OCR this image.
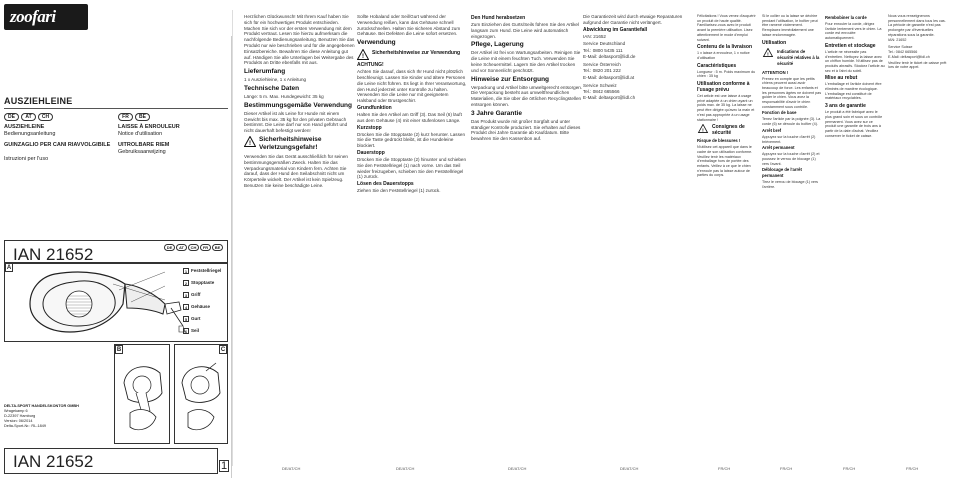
zoofari
AUSZIEHLEINE
DE	AT	CH
AUSZIEHLEINE
Bedienungsanleitung
GUINZAGLIO PER CANI RIAVVOLGIBILE
Istruzioni per l'uso
FR	BE
LAISSE À ENROULEUR
Notice d'utilisation
UITROLBARE RIEM
Gebruiksaanwijzing
IAN 21652	DE	AT	CH	FR	BE
A
1 Feststellriegel
2 Stopptaste
3 Griff
4 Gehäuse
5 Gurt
6 Seil
B	C
DELTA-SPORT HANDELSKONTOR GMBH
Wragekamp 6
D-22397 Hamburg
Version: 06/2014
Delta-Sport-Nr.: RL-1849
IAN 21652	1

Herzlichen Glückwunsch! Mit Ihrem Kauf haben Sie sich für ein hochwertiges Produkt entschieden. Machen Sie sich vor der ersten Verwendung mit dem Produkt vertraut. Lesen Sie hierzu aufmerksam die nachfolgende Bedienungsanleitung. Benutzen Sie das Produkt nur wie beschrieben und für die angegebenen Einsatzbereiche. Bewahren Sie diese Anleitung gut auf. Händigen Sie alle Unterlagen bei Weitergabe des Produkts an Dritte ebenfalls mit aus.

Lieferumfang

1 x Ausziehleine, 1 x Anleitung

Technische Daten

Länge: 5 m. Max. Hundegewicht: 35 kg

Bestimmungsgemäße Verwendung

Dieser Artikel ist als Leine für Hunde mit einem Gewicht bis max. 35 kg für den privaten Gebrauch bestimmt. Die Leine darf nur von Hand geführt und nicht dauerhaft befestigt werden!

!
Sicherheitshinweise Verletzungsgefahr!

Verwenden Sie das Gerät ausschließlich für seinen bestimmungsgemäßen Zweck. Halten Sie das Verpackungsmaterial von Kindern fern. Achten Sie darauf, dass der Hund den Seilabschnitt nicht um Körperteile wickelt. Der Artikel ist kein Spielzeug. Benutzen Sie keine beschädigte Leine.

Sollte Hobaland oder Seil/Gurt während der Verwendung reißen, kann das Gehäuse schnell zurückschnellen. Halten Sie sicheren Abstand zum Gehäuse. Bei Defekten die Leine sofort ersetzen.

Verwendung
!
Sicherheitshinweise zur Verwendung
ACHTUNG!

Achten Sie darauf, dass sich Ihr Hund nicht plötzlich beschleunigt. Lassen Sie Kinder und ältere Personen die Leine nicht führen. Es liegt in Ihrer Verantwortung, den Hund jederzeit unter Kontrolle zu halten. Verwenden Sie die Leine nur mit geeignetem Halsband oder Brustgeschirr.

Grundfunktion

Halten Sie den Artikel am Griff (3). Das Seil (6) läuft aus dem Gehäuse (4) mit einer stufenlosen Länge.

Kurzstopp

Drücken Sie die Stopptaste (2) kurz herunter. Lassen Sie die Taste gedrückt bleibt, ist die Hundeleine blockiert.

Dauerstopp

Drücken Sie die Stopptaste (2) hinunter und schieben Sie den Feststellriegel (1) nach vorne. Um das Seil wieder freizugeben, schieben Sie den Feststellriegel (1) zurück.

Lösen des Dauerstopps

Ziehen Sie den Feststellriegel (1) zurück.

Den Hund herabsetzen

Zum Einziehen des Gurts/Seils führen Sie den Artikel langsam zum Hund. Die Leine wird automatisch eingezogen.

Pflege, Lagerung

Der Artikel ist frei von Wartungsarbeiten. Reinigen Sie die Leine mit einem feuchten Tuch. Verwenden Sie keine Scheuermittel. Lagern Sie den Artikel trocken und vor Sonnenlicht geschützt.

Hinweise zur Entsorgung

Verpackung und Artikel bitte umweltgerecht entsorgen. Die Verpackung besteht aus umweltfreundlichen Materialien, die Sie über die örtlichen Recyclingstellen entsorgen können.

3 Jahre Garantie

Das Produkt wurde mit großer Sorgfalt und unter ständiger Kontrolle produziert. Sie erhalten auf dieses Produkt drei Jahre Garantie ab Kaufdatum. Bitte bewahren Sie den Kassenbon auf.

Die Garantiezeit wird durch etwaige Reparaturen aufgrund der Garantie nicht verlängert.

Abwicklung im Garantiefall

IAN: 21652

Service Deutschland

Tel.: 0800 5435 111

E-Mail: deltasport@lidl.de

Service Österreich

Tel.: 0820 201 222

E-Mail: deltasport@lidl.at

Service Schweiz

Tel.: 0842 665566

E-Mail: deltasport@lidl.ch

Félicitations ! Vous venez d'acquérir un produit de haute qualité. Familiarisez-vous avec le produit avant la première utilisation. Lisez attentivement le mode d'emploi suivant.

Contenu de la livraison

1 x laisse à enrouleur, 1 x notice d'utilisation

Caractéristiques

Longueur : 5 m. Poids maximum du chien : 35 kg

Utilisation conforme à l'usage prévu

Cet article est une laisse à usage privé adaptée à un chien ayant un poids max. de 35 kg. La laisse ne peut être dirigée qu'avec la main et n'est pas appropriée à un usage stationnaire !

!
Consignes de sécurité
Risque de blessures !

N'utilisez cet appareil que dans le cadre de son utilisation conforme. Veuillez tenir les matériaux d'emballage hors de portée des enfants. Veillez à ce que le chien n'enroule pas la laisse autour de parties du corps.

Si le collier ou la laisse se déchire pendant l'utilisation, le boîtier peut être ramené violemment. Remplacez immédiatement une laisse endommagée.

Utilisation
!
Indications de sécurité relatives à la sécurité
ATTENTION !

Prenez en compte que les petits chiens peuvent aussi avoir beaucoup de force. Les enfants et les personnes âgées ne doivent pas guider le chien. Vous avez la responsabilité d'avoir le chien constamment sous contrôle.

Fonction de base

Tenez l'article par la poignée (3). La corde (6) se déroule du boîtier (4).

Arrêt bref

Appuyez sur la touche d'arrêt (2) brièvement.

Arrêt permanent

Appuyez sur la touche d'arrêt (2) et poussez le verrou de blocage (1) vers l'avant.

Déblocage de l'arrêt permanent

Tirez le verrou de blocage (1) vers l'arrière.

Rembobiner la corde

Pour enrouler la corde, dirigez l'article lentement vers le chien. La corde est enroulée automatiquement.

Entretien et stockage

L'article ne nécessite pas d'entretien. Nettoyez la laisse avec un chiffon humide. N'utilisez pas de produits abrasifs. Stockez l'article au sec et à l'abri du soleil.

Mise au rebut

L'emballage et l'article doivent être éliminés de manière écologique. L'emballage est constitué de matériaux recyclables.

3 ans de garantie

Le produit a été fabriqué avec le plus grand soin et sous un contrôle permanent. Vous avez sur ce produit une garantie de trois ans à partir de la date d'achat. Veuillez conserver le ticket de caisse.

Nous vous renseignerons personnellement dans tous les cas. La période de garantie n'est pas prolongée par d'éventuelles réparations sous la garantie.

IAN: 21652

Service Suisse

Tel.: 0842 665566

E-Mail: deltasport@lidl.ch

Veuillez tenir le ticket de caisse prêt lors de votre appel.

DE/AT/CH	DE/AT/CH	DE/AT/CH	DE/AT/CH	FR/CH	FR/CH	FR/CH	FR/CH
